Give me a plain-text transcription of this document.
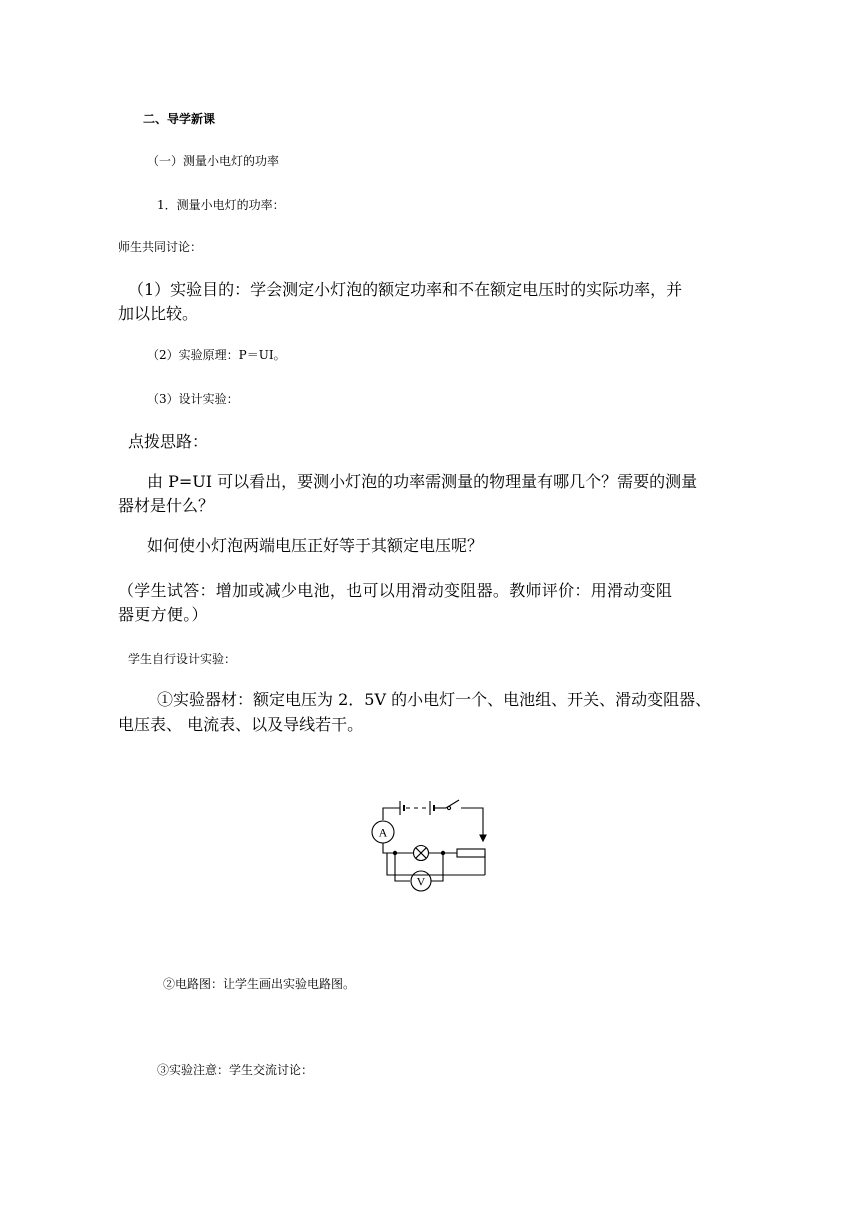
二、导学新课
（一）测量小电灯的功率
1．测量小电灯的功率：
师生共同讨论：
（1）实验目的：学会测定小灯泡的额定功率和不在额定电压时的实际功率，并
加以比较。
（2）实验原理：P＝UI。
（3）设计实验：
点拨思路：
由 P=UI 可以看出，要测小灯泡的功率需测量的物理量有哪几个？需要的测量
器材是什么？
如何使小灯泡两端电压正好等于其额定电压呢？
（学生试答：增加或减少电池，也可以用滑动变阻器。教师评价：用滑动变阻
器更方便。）
学生自行设计实验：
①实验器材：额定电压为 2．5V 的小电灯一个、电池组、开关、滑动变阻器、
电压表、 电流表、以及导线若干。
A
V
②电路图：让学生画出实验电路图。
③实验注意：学生交流讨论：
